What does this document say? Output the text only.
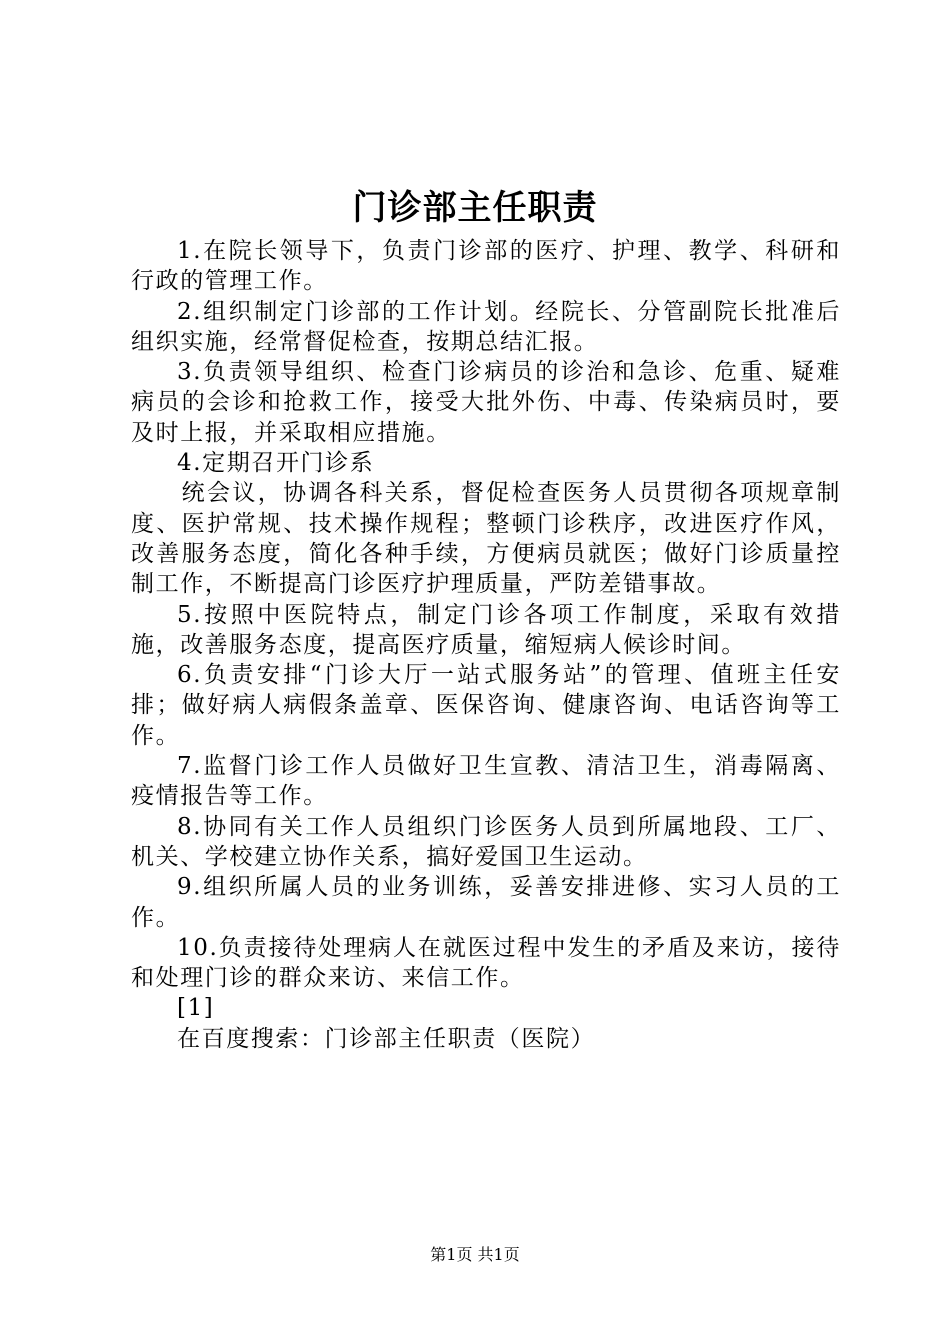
门诊部主任职责

1.在院长领导下，负责门诊部的医疗、护理、教学、科研和行政的管理工作。

2.组织制定门诊部的工作计划。经院长、分管副院长批准后组织实施，经常督促检查，按期总结汇报。

3.负责领导组织、检查门诊病员的诊治和急诊、危重、疑难病员的会诊和抢救工作，接受大批外伤、中毒、传染病员时，要及时上报，并采取相应措施。

4.定期召开门诊系

统会议，协调各科关系，督促检查医务人员贯彻各项规章制度、医护常规、技术操作规程；整顿门诊秩序，改进医疗作风，改善服务态度，简化各种手续，方便病员就医；做好门诊质量控制工作，不断提高门诊医疗护理质量，严防差错事故。

5.按照中医院特点，制定门诊各项工作制度，采取有效措施，改善服务态度，提高医疗质量，缩短病人候诊时间。

6.负责安排“门诊大厅一站式服务站”的管理、值班主任安排；做好病人病假条盖章、医保咨询、健康咨询、电话咨询等工作。

7.监督门诊工作人员做好卫生宣教、清洁卫生，消毒隔离、疫情报告等工作。

8.协同有关工作人员组织门诊医务人员到所属地段、工厂、机关、学校建立协作关系，搞好爱国卫生运动。

9.组织所属人员的业务训练，妥善安排进修、实习人员的工作。

10.负责接待处理病人在就医过程中发生的矛盾及来访，接待和处理门诊的群众来访、来信工作。

[1]

在百度搜索：门诊部主任职责（医院）

第1页 共1页
